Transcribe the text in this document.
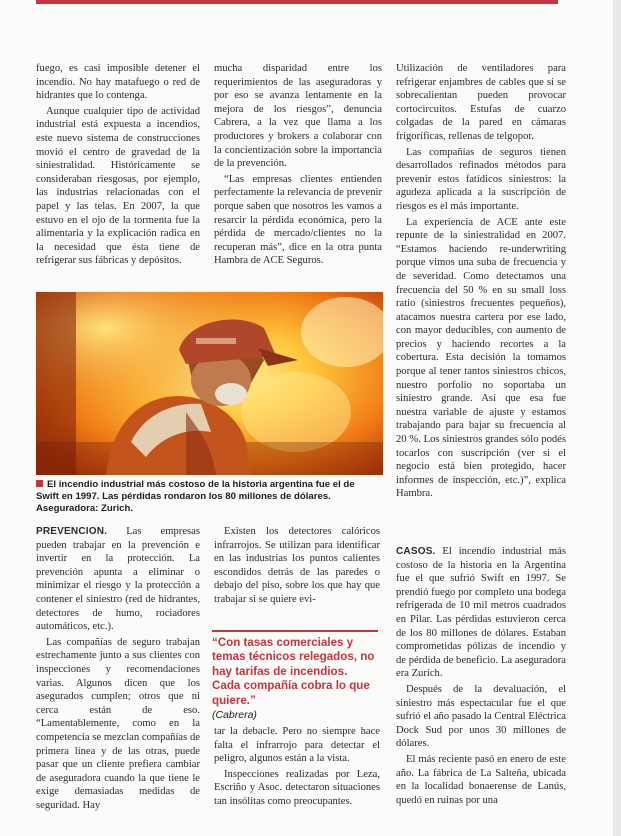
fuego, es casi imposible detener el incendio. No hay matafuego o red de hidrantes que lo contenga.

Aunque cualquier tipo de actividad industrial está expuesta a incendios, este nuevo sistema de construcciones movió el centro de gravedad de la siniestralidad. Históricamente se consideraban riesgosas, por ejemplo, las industrias relacionadas con el papel y las telas. En 2007, la que estuvo en el ojo de la tormenta fue la alimentaria y la explicación radica en la necesidad que ésta tiene de refrigerar sus fábricas y depósitos.

mucha disparidad entre los requerimientos de las aseguradoras y por eso se avanza lentamente en la mejora de los riesgos”, denuncia Cabrera, a la vez que llama a los productores y brokers a colaborar con la concientización sobre la importancia de la prevención.

“Las empresas clientes entienden perfectamente la relevancia de prevenir porque saben que nosotros les vamos a resarcir la pérdida económica, pero la pérdida de mercado/clientes no la recuperan más”, dice en la otra punta Hambra de ACE Seguros.

Utilización de ventiladores para refrigerar enjambres de cables que si se sobrecalientan pueden provocar cortocircuitos. Estufas de cuarzo colgadas de la pared en cámaras frigoríficas, rellenas de telgopor.

Las compañías de seguros tienen desarrollados refinados métodos para prevenir estos fatídicos siniestros: la agudeza aplicada a la suscripción de riesgos es el más importante.

La experiencia de ACE ante este repunte de la siniestralidad en 2007. “Estamos haciendo re-underwriting porque vimos una suba de frecuencia y de severidad. Como detectamos una frecuencia del 50 % en su small loss ratio (siniestros frecuentes pequeños), atacamos nuestra cartera por ese lado, con mayor deducibles, con aumento de precios y haciendo recortes a la cobertura. Esta decisión la tomamos porque al tener tantos siniestros chicos, nuestro porfolio no soportaba un siniestro grande. Así que esa fue nuestra variable de ajuste y estamos trabajando para bajar su frecuencia al 20 %. Los siniestros grandes sólo podés tocarlos con suscripción (ver si el negocio está bien protegido, hacer informes de inspección, etc.)”, explica Hambra.

El incendio industrial más costoso de la historia argentina fue el de Swift en 1997. Las pérdidas rondaron los 80 millones de dólares. Aseguradora: Zurich.

PREVENCION. Las empresas pueden trabajar en la prevención e invertir en la protección. La prevención apunta a eliminar o minimizar el riesgo y la protección a contener el siniestro (red de hidrantes, detectores de humo, rociadores automáticos, etc.).

Las compañías de seguro trabajan estrechamente junto a sus clientes con inspecciones y recomendaciones varias. Algunos dicen que los asegurados cumplen; otros que ni cerca están de eso. “Lamentablemente, como en la competencia se mezclan compañías de primera línea y de las otras, puede pasar que un cliente prefiera cambiar de aseguradora cuando la que tiene le exige demasiadas medidas de seguridad. Hay

Existen los detectores calóricos infrarrojos. Se utilizan para identificar en las industrias los puntos calientes escondidos detrás de las paredes o debajo del piso, sobre los que hay que trabajar si se quiere evi-

“Con tasas comerciales y temas técnicos relegados, no hay tarifas de incendios. Cada compañía cobra lo que quiere.”
(Cabrera)

tar la debacle. Pero no siempre hace falta el infrarrojo para detectar el peligro, algunos están a la vista.

Inspecciones realizadas por Leza, Escriño y Asoc. detectaron situaciones tan insólitas como preocupantes.

CASOS. El incendio industrial más costoso de la historia en la Argentina fue el que sufrió Swift en 1997. Se prendió fuego por completo una bodega refrigerada de 10 mil metros cuadrados en Pilar. Las pérdidas estuvieron cerca de los 80 millones de dólares. Estaban comprometidas pólizas de incendio y de pérdida de beneficio. La aseguradora era Zurich.

Después de la devaluación, el siniestro más espectacular fue el que sufrió el año pasado la Central Eléctrica Dock Sud por unos 30 millones de dólares.

El más reciente pasó en enero de este año. La fábrica de La Salteña, ubicada en la localidad bonaerense de Lanús, quedó en ruinas por una
